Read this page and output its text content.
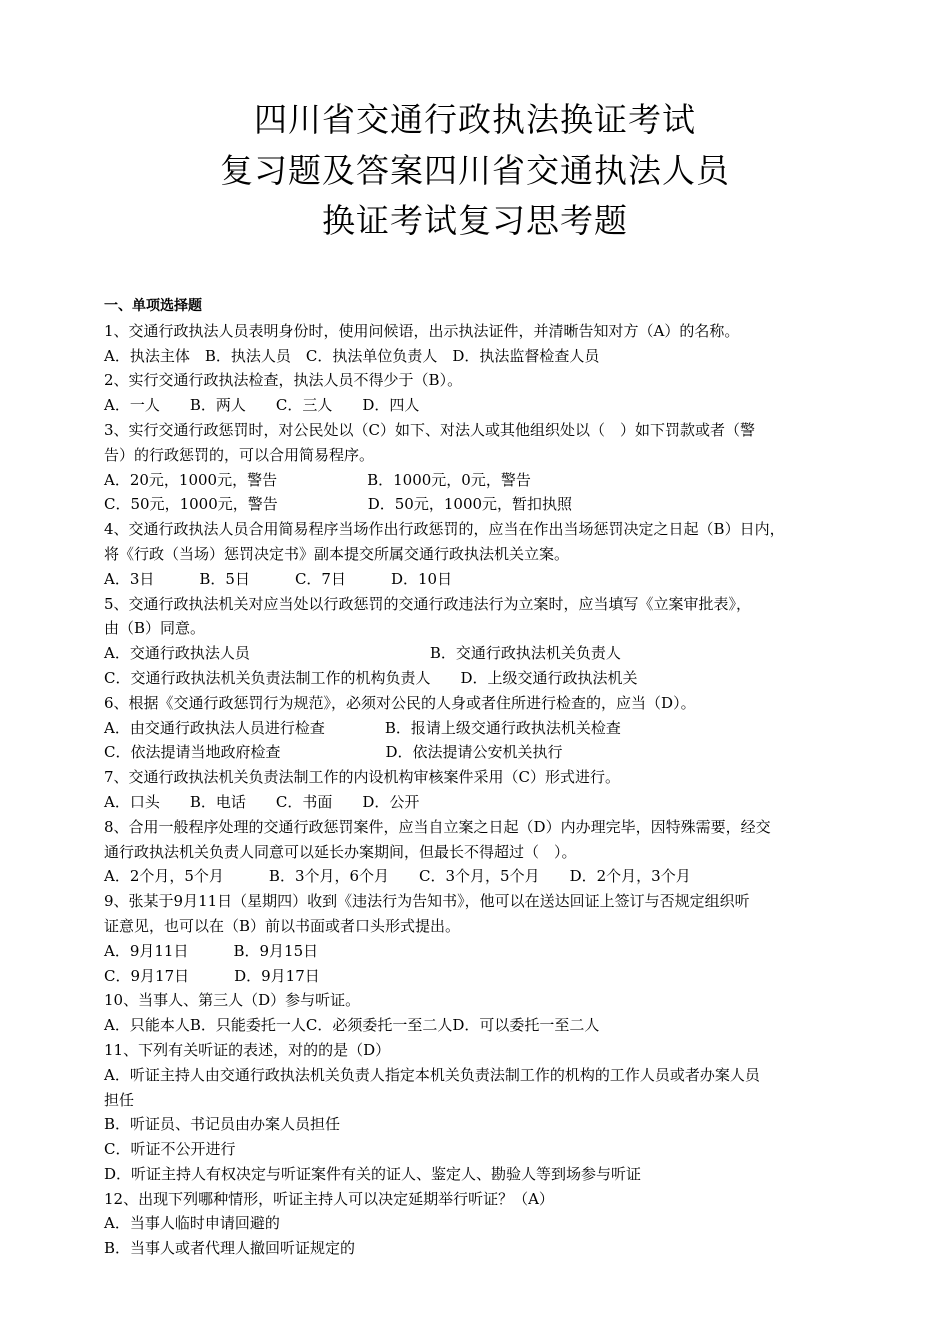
四川省交通行政执法换证考试
复习题及答案四川省交通执法人员
换证考试复习思考题
一、单项选择题
1、交通行政执法人员表明身份时，使用问候语，出示执法证件，并清晰告知对方（A）的名称。
A．执法主体　B．执法人员　C．执法单位负责人　D．执法监督检查人员
2、实行交通行政执法检查，执法人员不得少于（B）。
A．一人　　B．两人　　C．三人　　D．四人
3、实行交通行政惩罚时，对公民处以（C）如下、对法人或其他组织处以（　）如下罚款或者（警
告）的行政惩罚的，可以合用简易程序。
A．20元，1000元，警告　　　　　　B．1000元，0元，警告
C．50元，1000元，警告　　　　　　D．50元，1000元，暂扣执照
4、交通行政执法人员合用简易程序当场作出行政惩罚的，应当在作出当场惩罚决定之日起（B）日内，
将《行政（当场）惩罚决定书》副本提交所属交通行政执法机关立案。
A．3日　　　B．5日　　　C．7日　　　D．10日
5、交通行政执法机关对应当处以行政惩罚的交通行政违法行为立案时，应当填写《立案审批表》，
由（B）同意。
A．交通行政执法人员　　　　　　　　　　　　B．交通行政执法机关负责人
C．交通行政执法机关负责法制工作的机构负责人　　D．上级交通行政执法机关
6、根据《交通行政惩罚行为规范》，必须对公民的人身或者住所进行检查的，应当（D）。
A．由交通行政执法人员进行检查　　　　B．报请上级交通行政执法机关检查
C．依法提请当地政府检查　　　　　　　D．依法提请公安机关执行
7、交通行政执法机关负责法制工作的内设机构审核案件采用（C）形式进行。
A．口头　　B．电话　　C．书面　　D．公开
8、合用一般程序处理的交通行政惩罚案件，应当自立案之日起（D）内办理完毕，因特殊需要，经交
通行政执法机关负责人同意可以延长办案期间，但最长不得超过（　）。
A．2个月，5个月　　　B．3个月，6个月　　C．3个月，5个月　　D．2个月，3个月
9、张某于9月11日（星期四）收到《违法行为告知书》，他可以在送达回证上签订与否规定组织听
证意见，也可以在（B）前以书面或者口头形式提出。
A．9月11日　　　B．9月15日
C．9月17日　　　D．9月17日
10、当事人、第三人（D）参与听证。
A．只能本人B．只能委托一人C．必须委托一至二人D．可以委托一至二人
11、下列有关听证的表述，对的的是（D）
A．听证主持人由交通行政执法机关负责人指定本机关负责法制工作的机构的工作人员或者办案人员
担任
B．听证员、书记员由办案人员担任
C．听证不公开进行
D．听证主持人有权决定与听证案件有关的证人、鉴定人、勘验人等到场参与听证
12、出现下列哪种情形，听证主持人可以决定延期举行听证？（A）
A．当事人临时申请回避的
B．当事人或者代理人撤回听证规定的
